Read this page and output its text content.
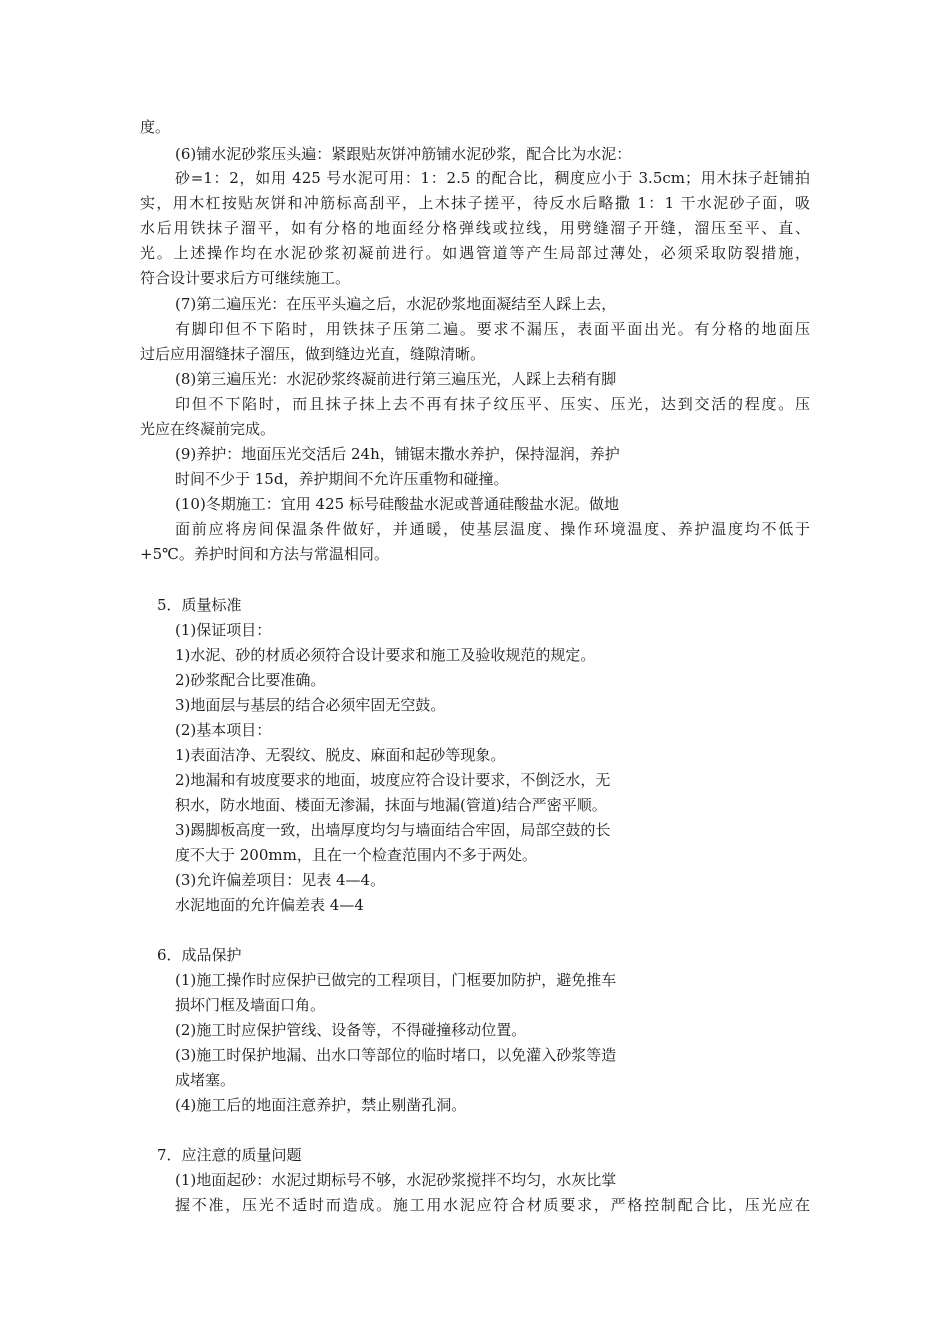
度。
(6)铺水泥砂浆压头遍：紧跟贴灰饼冲筋铺水泥砂浆，配合比为水泥：
砂=1：2，如用 425 号水泥可用：1：2.5 的配合比，稠度应小于 3.5cm；用木抹子赶铺拍
实，用木杠按贴灰饼和冲筋标高刮平，上木抹子搓平，待反水后略撒 1：1 干水泥砂子面，吸
水后用铁抹子溜平，如有分格的地面经分格弹线或拉线，用劈缝溜子开缝，溜压至平、直、
光。上述操作均在水泥砂浆初凝前进行。如遇管道等产生局部过薄处，必须采取防裂措施，
符合设计要求后方可继续施工。
(7)第二遍压光：在压平头遍之后，水泥砂浆地面凝结至人踩上去，
有脚印但不下陷时，用铁抹子压第二遍。要求不漏压，表面平面出光。有分格的地面压
过后应用溜缝抹子溜压，做到缝边光直，缝隙清晰。
(8)第三遍压光：水泥砂浆终凝前进行第三遍压光，人踩上去稍有脚
印但不下陷时，而且抹子抹上去不再有抹子纹压平、压实、压光，达到交活的程度。压
光应在终凝前完成。
(9)养护：地面压光交活后 24h，铺锯末撒水养护，保持湿润，养护
时间不少于 15d，养护期间不允许压重物和碰撞。
(10)冬期施工：宜用 425 标号硅酸盐水泥或普通硅酸盐水泥。做地
面前应将房间保温条件做好，并通暖，使基层温度、操作环境温度、养护温度均不低于
+5℃。养护时间和方法与常温相同。
5．质量标准
(1)保证项目：
1)水泥、砂的材质必须符合设计要求和施工及验收规范的规定。
2)砂浆配合比要准确。
3)地面层与基层的结合必须牢固无空鼓。
(2)基本项目：
1)表面洁净、无裂纹、脱皮、麻面和起砂等现象。
2)地漏和有坡度要求的地面，坡度应符合设计要求，不倒泛水，无
积水，防水地面、楼面无渗漏，抹面与地漏(管道)结合严密平顺。
3)踢脚板高度一致，出墙厚度均匀与墙面结合牢固，局部空鼓的长
度不大于 200mm，且在一个检查范围内不多于两处。
(3)允许偏差项目：见表 4—4。
水泥地面的允许偏差表 4—4
6．成品保护
(1)施工操作时应保护已做完的工程项目，门框要加防护，避免推车
损坏门框及墙面口角。
(2)施工时应保护管线、设备等，不得碰撞移动位置。
(3)施工时保护地漏、出水口等部位的临时堵口，以免灌入砂浆等造
成堵塞。
(4)施工后的地面注意养护，禁止剔凿孔洞。
7．应注意的质量问题
(1)地面起砂：水泥过期标号不够，水泥砂浆搅拌不均匀，水灰比掌
握不准，压光不适时而造成。施工用水泥应符合材质要求，严格控制配合比，压光应在
